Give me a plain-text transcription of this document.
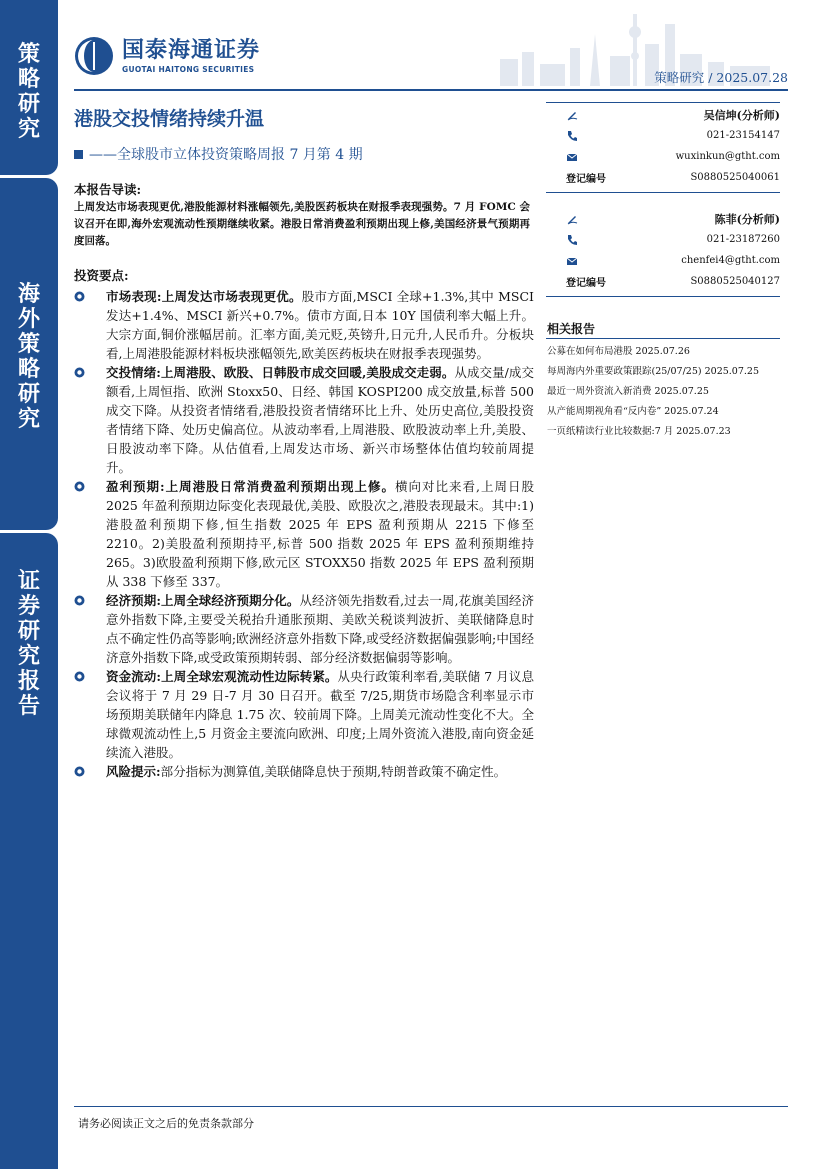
策略研究
海外策略研究
证券研究报告
国泰海通证券
GUOTAI HAITONG SECURITIES
策略研究 / 2025.07.28
港股交投情绪持续升温
——全球股市立体投资策略周报 7 月第 4 期
本报告导读:
上周发达市场表现更优,港股能源材料涨幅领先,美股医药板块在财报季表现强势。7 月 FOMC 会议召开在即,海外宏观流动性预期继续收紧。港股日常消费盈利预期出现上修,美国经济景气预期再度回落。
投资要点:
市场表现:上周发达市场表现更优。股市方面,MSCI 全球+1.3%,其中 MSCI 发达+1.4%、MSCI 新兴+0.7%。债市方面,日本 10Y 国债利率大幅上升。大宗方面,铜价涨幅居前。汇率方面,美元贬,英镑升,日元升,人民币升。分板块看,上周港股能源材料板块涨幅领先,欧美医药板块在财报季表现强势。
交投情绪:上周港股、欧股、日韩股市成交回暖,美股成交走弱。从成交量/成交额看,上周恒指、欧洲 Stoxx50、日经、韩国 KOSPI200 成交放量,标普 500 成交下降。从投资者情绪看,港股投资者情绪环比上升、处历史高位,美股投资者情绪下降、处历史偏高位。从波动率看,上周港股、欧股波动率上升,美股、日股波动率下降。从估值看,上周发达市场、新兴市场整体估值均较前周提升。
盈利预期:上周港股日常消费盈利预期出现上修。横向对比来看,上周日股 2025 年盈利预期边际变化表现最优,美股、欧股次之,港股表现最末。其中:1)港股盈利预期下修,恒生指数 2025 年 EPS 盈利预期从 2215 下修至 2210。2)美股盈利预期持平,标普 500 指数 2025 年 EPS 盈利预期维持 265。3)欧股盈利预期下修,欧元区 STOXX50 指数 2025 年 EPS 盈利预期从 338 下修至 337。
经济预期:上周全球经济预期分化。从经济领先指数看,过去一周,花旗美国经济意外指数下降,主要受关税抬升通胀预期、美欧关税谈判波折、美联储降息时点不确定性仍高等影响;欧洲经济意外指数下降,或受经济数据偏强影响;中国经济意外指数下降,或受政策预期转弱、部分经济数据偏弱等影响。
资金流动:上周全球宏观流动性边际转紧。从央行政策利率看,美联储 7 月议息会议将于 7 月 29 日-7 月 30 日召开。截至 7/25,期货市场隐含利率显示市场预期美联储年内降息 1.75 次、较前周下降。上周美元流动性变化不大。全球微观流动性上,5 月资金主要流向欧洲、印度;上周外资流入港股,南向资金延续流入港股。
风险提示:部分指标为测算值,美联储降息快于预期,特朗普政策不确定性。
吴信坤(分析师)
021-23154147
wuxinkun@gtht.com
登记编号	S0880525040061
陈菲(分析师)
021-23187260
chenfei4@gtht.com
登记编号	S0880525040127
相关报告
公募在如何布局港股 2025.07.26
每周海内外重要政策跟踪(25/07/25) 2025.07.25
最近一周外资流入新消费 2025.07.25
从产能周期视角看“反内卷” 2025.07.24
一页纸精读行业比较数据:7 月 2025.07.23
请务必阅读正文之后的免责条款部分
